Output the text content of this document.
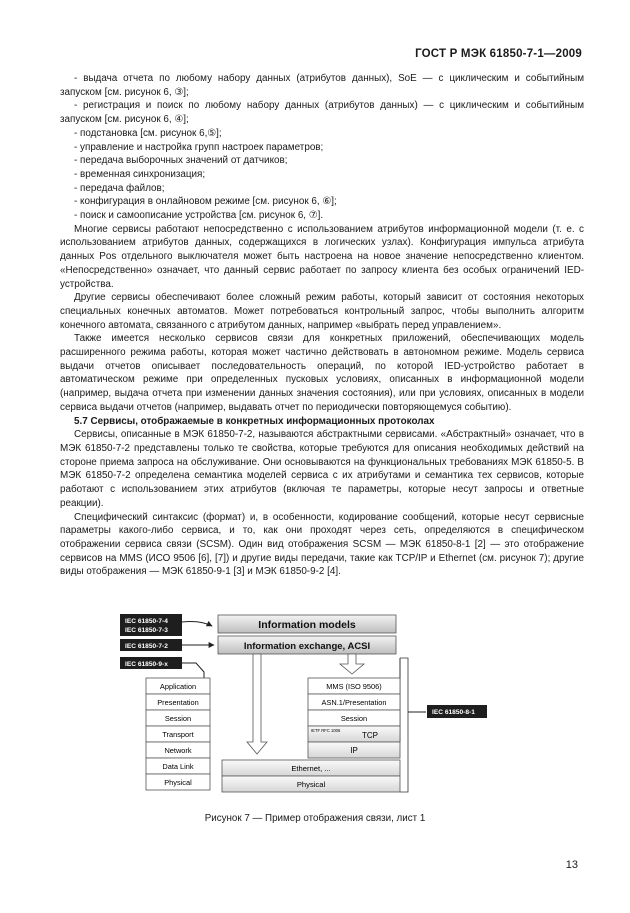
ГОСТ Р МЭК 61850-7-1—2009

- выдача отчета по любому набору данных (атрибутов данных), SoE — с циклическим и событийным запуском [см. рисунок 6, ③];

- регистрация и поиск по любому набору данных (атрибутов данных) — с циклическим и событийным запуском [см. рисунок 6, ④];

- подстановка [см. рисунок 6,⑤];

- управление и настройка групп настроек параметров;

- передача выборочных значений от датчиков;

- временная синхронизация;

- передача файлов;

- конфигурация в онлайновом режиме [см. рисунок 6, ⑥];

- поиск и самоописание устройства [см. рисунок 6, ⑦].

Многие сервисы работают непосредственно с использованием атрибутов информационной модели (т. е. с использованием атрибутов данных, содержащихся в логических узлах). Конфигурация импульса атрибута данных Pos отдельного выключателя может быть настроена на новое значение непосредственно клиентом. «Непосредственно» означает, что данный сервис работает по запросу клиента без особых ограничений IED-устройства.

Другие сервисы обеспечивают более сложный режим работы, который зависит от состояния некоторых специальных конечных автоматов. Может потребоваться контрольный запрос, чтобы выполнить алгоритм конечного автомата, связанного с атрибутом данных, например «выбрать перед управлением».

Также имеется несколько сервисов связи для конкретных приложений, обеспечивающих модель расширенного режима работы, которая может частично действовать в автономном режиме. Модель сервиса выдачи отчетов описывает последовательность операций, по которой IED-устройство работает в автоматическом режиме при определенных пусковых условиях, описанных в информационной модели (например, выдача отчета при изменении данных значения состояния), или при условиях, описанных в модели сервиса выдачи отчетов (например, выдавать отчет по периодически повторяющемуся событию).

5.7 Сервисы, отображаемые в конкретных информационных протоколах

Сервисы, описанные в МЭК 61850-7-2, называются абстрактными сервисами. «Абстрактный» означает, что в МЭК 61850-7-2 представлены только те свойства, которые требуются для описания необходимых действий на стороне приема запроса на обслуживание. Они основываются на функциональных требованиях МЭК 61850-5. В МЭК 61850-7-2 определена семантика моделей сервиса с их атрибутами и семантика тех сервисов, которые работают с использованием этих атрибутов (включая те параметры, которые несут запросы и ответные реакции).

Специфический синтаксис (формат) и, в особенности, кодирование сообщений, которые несут сервисные параметры какого-либо сервиса, и то, как они проходят через сеть, определяются в специфическом отображении сервиса связи (SCSM). Один вид отображения SCSM — МЭК 61850-8-1 [2] — это отображение сервисов на MMS (ИСО 9506 [6], [7]) и другие виды передачи, такие как TCP/IP и Ethernet (см. рисунок 7); другие виды отображения — МЭК 61850-9-1 [3] и МЭК 61850-9-2 [4].

IEC 61850-7-4
IEC 61850-7-3
IEC 61850-7-2
IEC 61850-9-x
Information models
Information exchange, ACSI
Application
Presentation
Session
Transport
Network
Data Link
Physical
MMS (ISO 9506)
ASN.1/Presentation
Session
IETF RFC 1006
TCP
IP
Ethernet, ...
Physical
IEC 61850-8-1
Рисунок 7 — Пример отображения связи, лист 1
13
